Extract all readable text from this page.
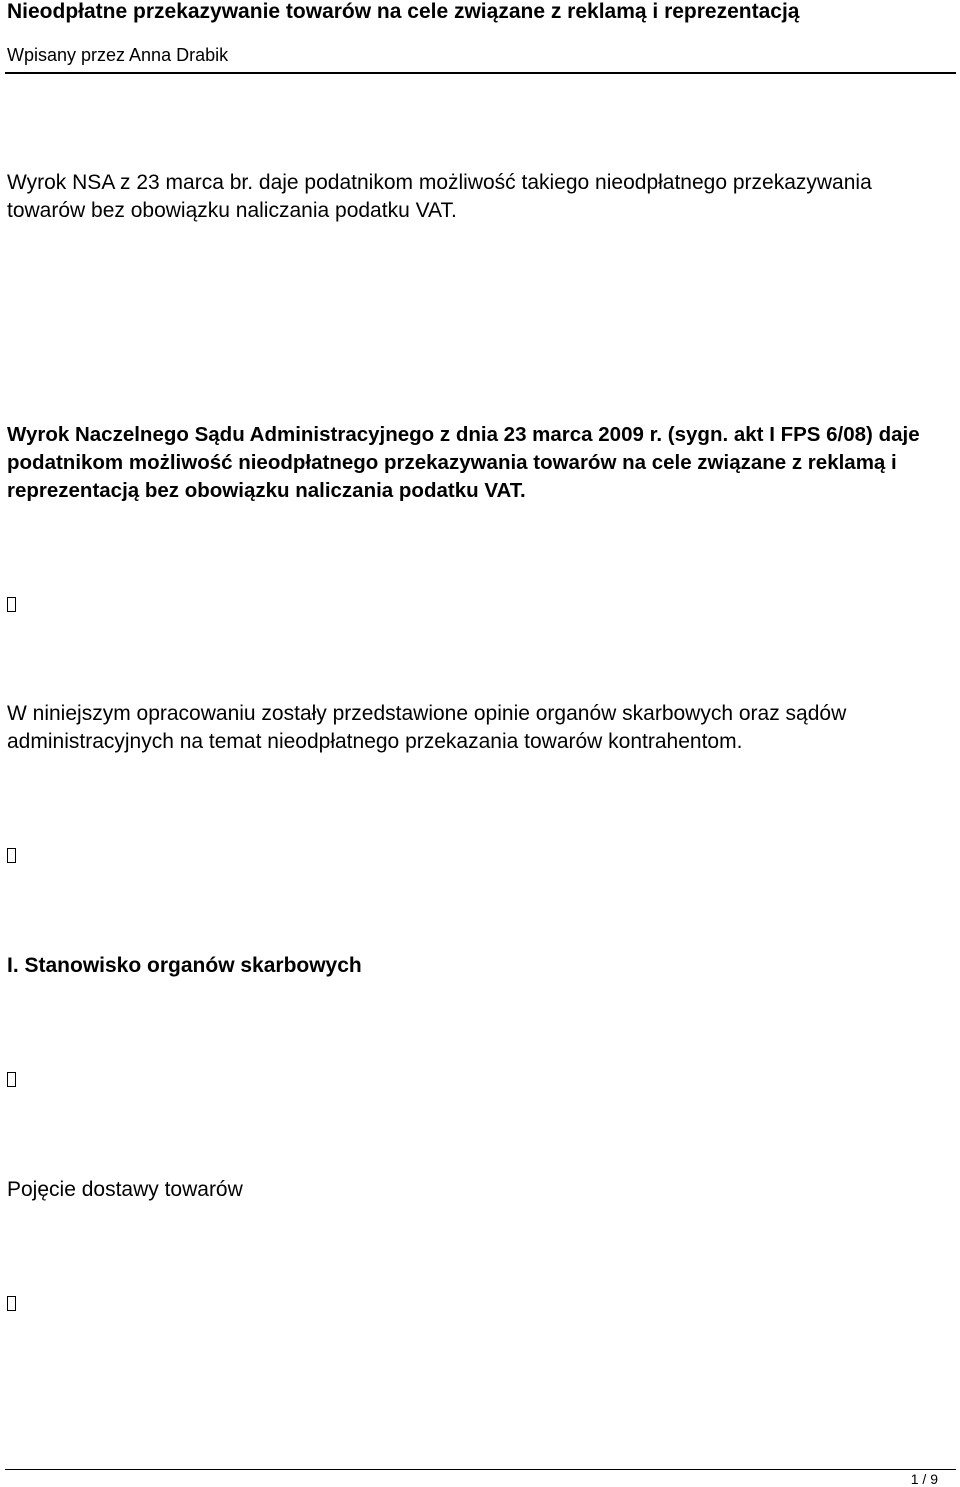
Nieodpłatne przekazywanie towarów na cele związane z reklamą i reprezentacją
Wpisany przez Anna Drabik

Wyrok NSA z 23 marca br. daje podatnikom możliwość takiego nieodpłatnego przekazywania towarów bez obowiązku naliczania podatku VAT.

Wyrok Naczelnego Sądu Administracyjnego z dnia 23 marca 2009 r. (sygn. akt I FPS 6/08) daje podatnikom możliwość nieodpłatnego przekazywania towarów na cele związane z reklamą i reprezentacją bez obowiązku naliczania podatku VAT.

W niniejszym opracowaniu zostały przedstawione opinie organów skarbowych oraz sądów administracyjnych na temat nieodpłatnego przekazania towarów kontrahentom.

I. Stanowisko organów skarbowych

Pojęcie dostawy towarów

1 / 9
